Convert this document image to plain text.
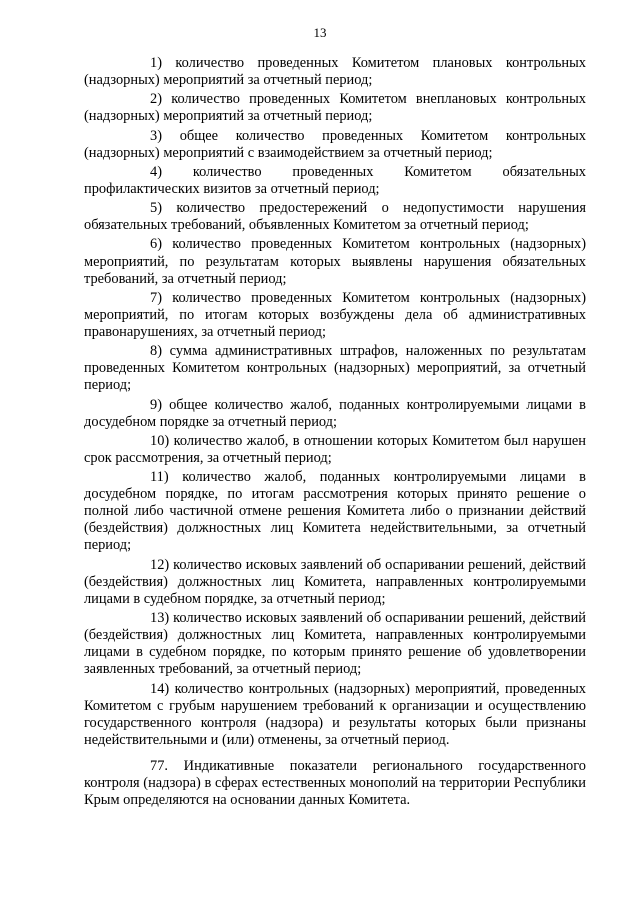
13

1) количество проведенных Комитетом плановых контрольных (надзорных) мероприятий за отчетный период;

2) количество проведенных Комитетом внеплановых контрольных (надзорных) мероприятий за отчетный период;

3) общее количество проведенных Комитетом контрольных (надзорных) мероприятий с взаимодействием за отчетный период;

4) количество проведенных Комитетом обязательных профилактических визитов за отчетный период;

5) количество предостережений о недопустимости нарушения обязательных требований, объявленных Комитетом за отчетный период;

6) количество проведенных Комитетом контрольных (надзорных) мероприятий, по результатам которых выявлены нарушения обязательных требований, за отчетный период;

7) количество проведенных Комитетом контрольных (надзорных) мероприятий, по итогам которых возбуждены дела об административных правонарушениях, за отчетный период;

8) сумма административных штрафов, наложенных по результатам проведенных Комитетом контрольных (надзорных) мероприятий, за отчетный период;

9) общее количество жалоб, поданных контролируемыми лицами в досудебном порядке за отчетный период;

10) количество жалоб, в отношении которых Комитетом был нарушен срок рассмотрения, за отчетный период;

11) количество жалоб, поданных контролируемыми лицами в досудебном порядке, по итогам рассмотрения которых принято решение о полной либо частичной отмене решения Комитета либо о признании действий (бездействия) должностных лиц Комитета недействительными, за отчетный период;

12) количество исковых заявлений об оспаривании решений, действий (бездействия) должностных лиц Комитета, направленных контролируемыми лицами в судебном порядке, за отчетный период;

13) количество исковых заявлений об оспаривании решений, действий (бездействия) должностных лиц Комитета, направленных контролируемыми лицами в судебном порядке, по которым принято решение об удовлетворении заявленных требований, за отчетный период;

14) количество контрольных (надзорных) мероприятий, проведенных Комитетом с грубым нарушением требований к организации и осуществлению государственного контроля (надзора) и результаты которых были признаны недействительными и (или) отменены, за отчетный период.

77. Индикативные показатели регионального государственного контроля (надзора) в сферах естественных монополий на территории Республики Крым определяются на основании данных Комитета.
